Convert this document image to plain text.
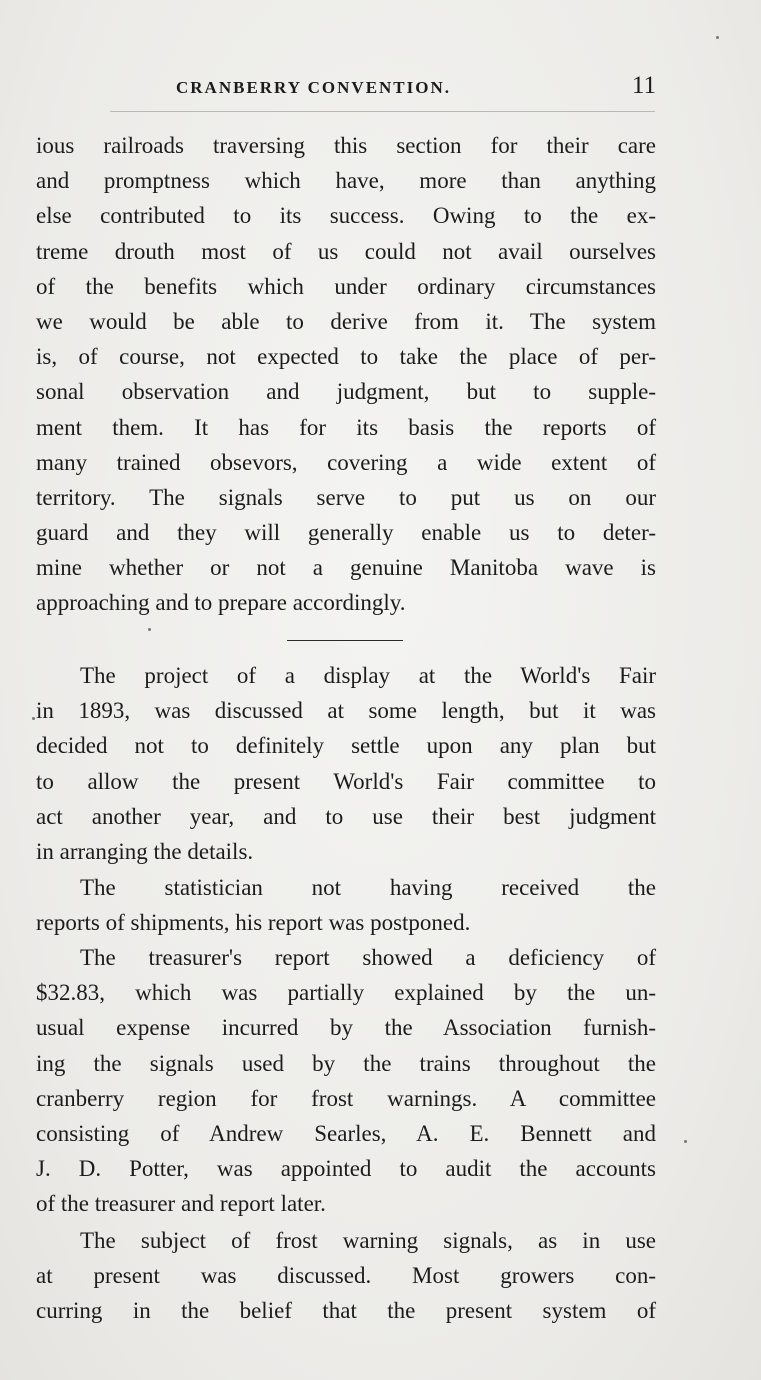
CRANBERRY CONVENTION.	11

ious railroads traversing this section for their care
and promptness which have, more than anything
else contributed to its success. Owing to the ex-
treme drouth most of us could not avail ourselves
of the benefits which under ordinary circumstances
we would be able to derive from it. The system
is, of course, not expected to take the place of per-
sonal observation and judgment, but to supple-
ment them. It has for its basis the reports of
many trained obsevors, covering a wide extent of
territory. The signals serve to put us on our
guard and they will generally enable us to deter-
mine whether or not a genuine Manitoba wave is
approaching and to prepare accordingly.

The project of a display at the World's Fair
in 1893, was discussed at some length, but it was
decided not to definitely settle upon any plan but
to allow the present World's Fair committee to
act another year, and to use their best judgment
in arranging the details.

The statistician not having received the
reports of shipments, his report was postponed.

The treasurer's report showed a deficiency of
$32.83, which was partially explained by the un-
usual expense incurred by the Association furnish-
ing the signals used by the trains throughout the
cranberry region for frost warnings. A committee
consisting of Andrew Searles, A. E. Bennett and
J. D. Potter, was appointed to audit the accounts
of the treasurer and report later.

The subject of frost warning signals, as in use
at present was discussed. Most growers con-
curring in the belief that the present system of
